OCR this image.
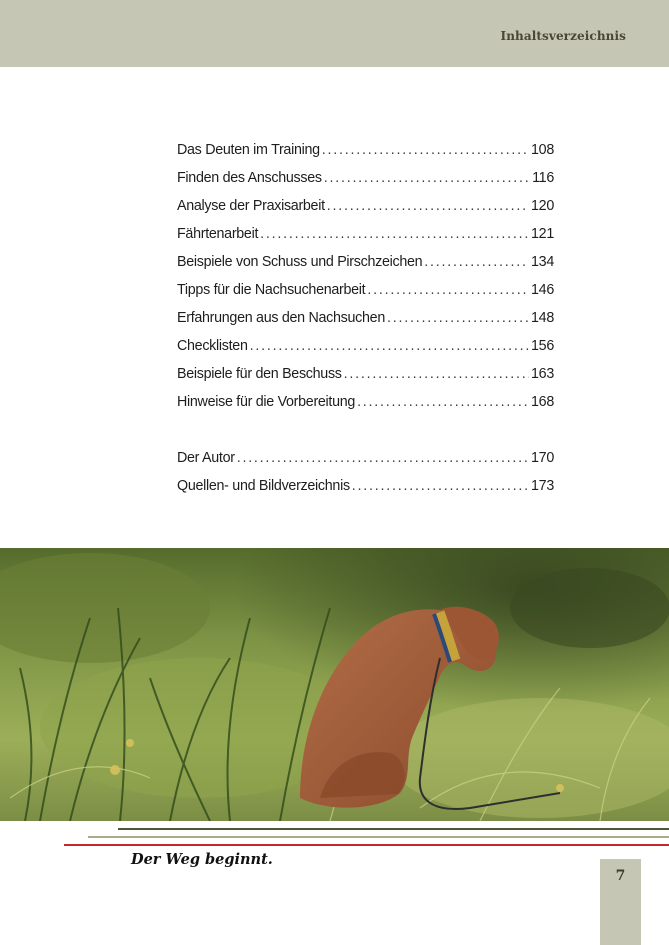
Inhaltsverzeichnis
Das Deuten im Training . . .	108
Finden des Anschusses . . .	116
Analyse der Praxisarbeit . . .	120
Fährtenarbeit . . .	121
Beispiele von Schuss und Pirschzeichen . . .	134
Tipps für die Nachsuchenarbeit . . .	146
Erfahrungen aus den Nachsuchen . . .	148
Checklisten . . .	156
Beispiele für den Beschuss . . .	163
Hinweise für die Vorbereitung . . .	168
Der Autor . . .	170
Quellen- und Bildverzeichnis . . .	173
Der Weg beginnt.
7
